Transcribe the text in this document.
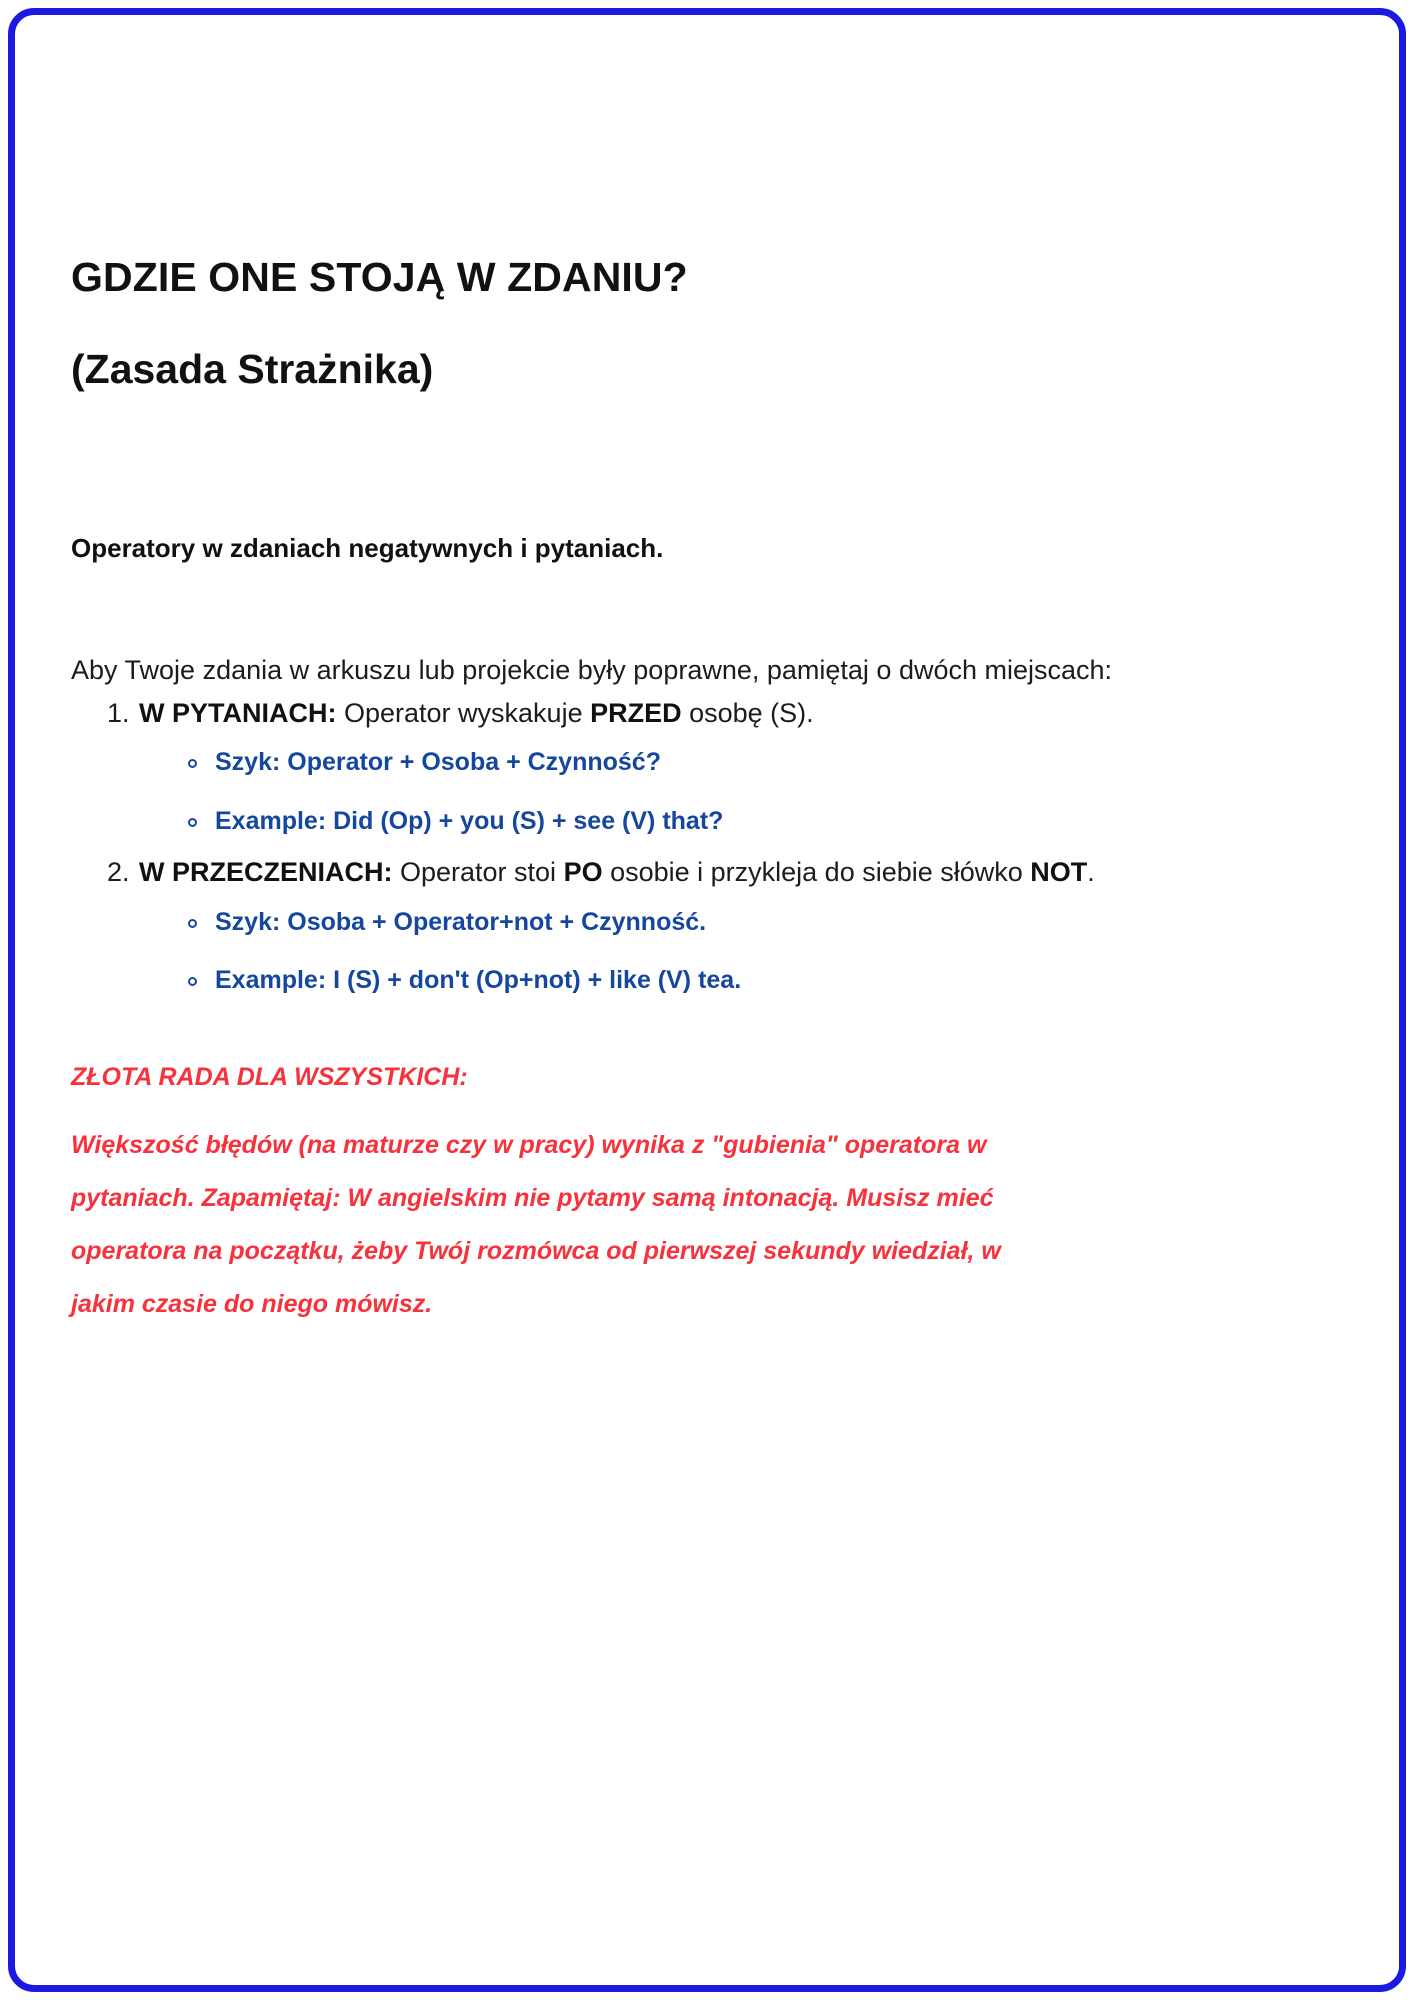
GDZIE ONE STOJĄ W ZDANIU?
(Zasada Strażnika)

Operatory w zdaniach negatywnych i pytaniach.

Aby Twoje zdania w arkuszu lub projekcie były poprawne, pamiętaj o dwóch miejscach:

1. W PYTANIACH: Operator wyskakuje PRZED osobę (S).
Szyk: Operator + Osoba + Czynność?
Example: Did (Op) + you (S) + see (V) that?
2. W PRZECZENIACH: Operator stoi PO osobie i przykleja do siebie słówko NOT.
Szyk: Osoba + Operator+not + Czynność.
Example: I (S) + don't (Op+not) + like (V) tea.

ZŁOTA RADA DLA WSZYSTKICH:

Większość błędów (na maturze czy w pracy) wynika z "gubienia" operatora w pytaniach. Zapamiętaj: W angielskim nie pytamy samą intonacją. Musisz mieć operatora na początku, żeby Twój rozmówca od pierwszej sekundy wiedział, w jakim czasie do niego mówisz.
